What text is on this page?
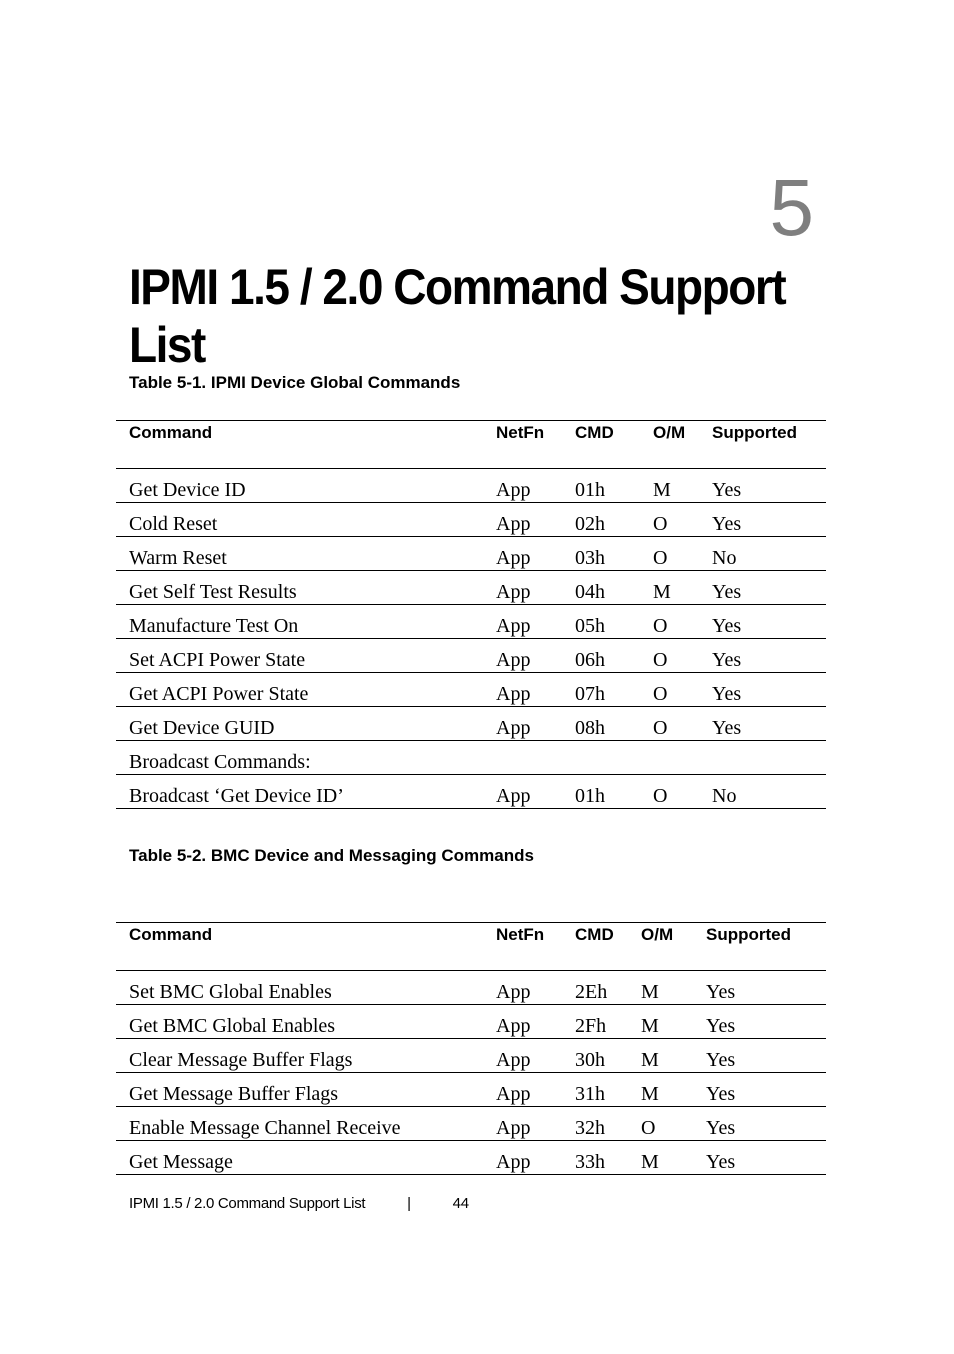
5
IPMI 1.5 / 2.0 Command Support List
Table 5-1. IPMI Device Global Commands
Command	NetFn	CMD	O/M	Supported

Get Device ID	App	01h	M	Yes

Cold Reset	App	02h	O	Yes

Warm Reset	App	03h	O	No

Get Self Test Results	App	04h	M	Yes

Manufacture Test On	App	05h	O	Yes

Set ACPI Power State	App	06h	O	Yes

Get ACPI Power State	App	07h	O	Yes

Get Device GUID	App	08h	O	Yes

Broadcast Commands:				

Broadcast ‘Get Device ID’	App	01h	O	No
Table 5-2. BMC Device and Messaging Commands
Command	NetFn	CMD	O/M	Supported

Set BMC Global Enables	App	2Eh	M	Yes

Get BMC Global Enables	App	2Fh	M	Yes

Clear Message Buffer Flags	App	30h	M	Yes

Get Message Buffer Flags	App	31h	M	Yes

Enable Message Channel Receive	App	32h	O	Yes

Get Message	App	33h	M	Yes
IPMI 1.5 / 2.0 Command Support List	|	44
